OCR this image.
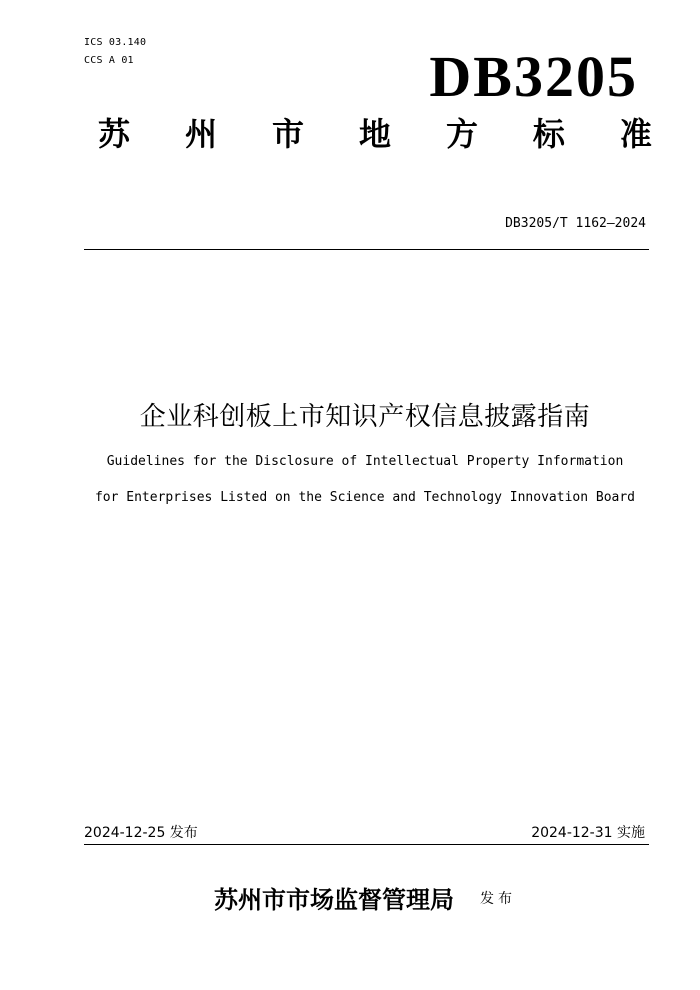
ICS 03.140
CCS A 01	DB3205
苏 州 市 地 方 标 准
DB3205/T 1162—2024
企业科创板上市知识产权信息披露指南
Guidelines for the Disclosure of Intellectual Property Information
for Enterprises Listed on the Science and Technology Innovation Board
2024-12-25 发布	2024-12-31 实施
苏州市市场监督管理局 发布
